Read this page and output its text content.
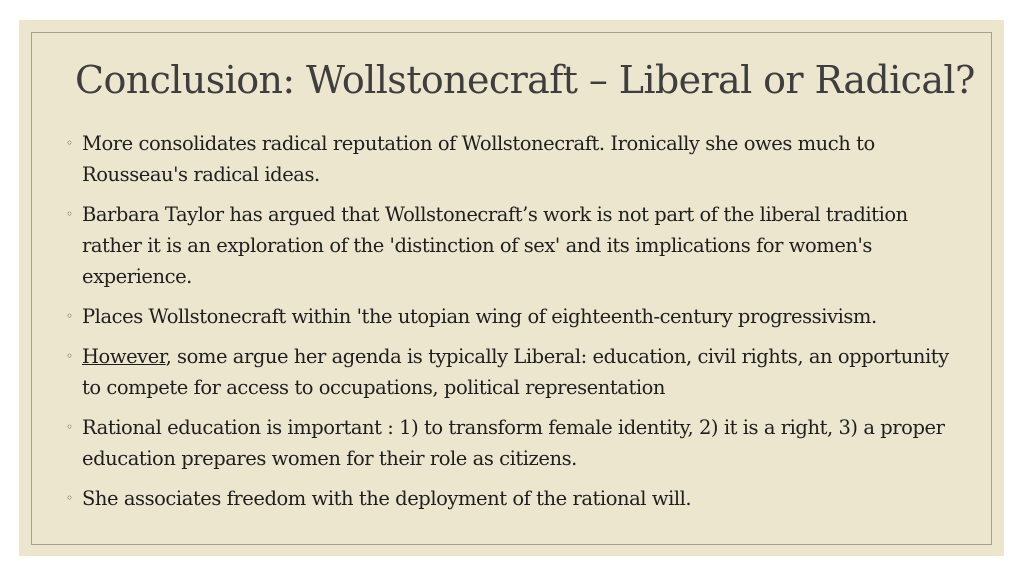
Conclusion: Wollstonecraft – Liberal or Radical?
◦ More consolidates radical reputation of Wollstonecraft. Ironically she owes much to Rousseau's radical ideas.
◦ Barbara Taylor has argued that Wollstonecraft’s work is not part of the liberal tradition rather it is an exploration of the 'distinction of sex' and its implications for women's experience.
◦ Places Wollstonecraft within 'the utopian wing of eighteenth-century progressivism.
◦ However, some argue her agenda is typically Liberal: education, civil rights, an opportunity to compete for access to occupations, political representation
◦ Rational education is important : 1) to transform female identity, 2) it is a right, 3) a proper education prepares women for their role as citizens.
◦ She associates freedom with the deployment of the rational will.
